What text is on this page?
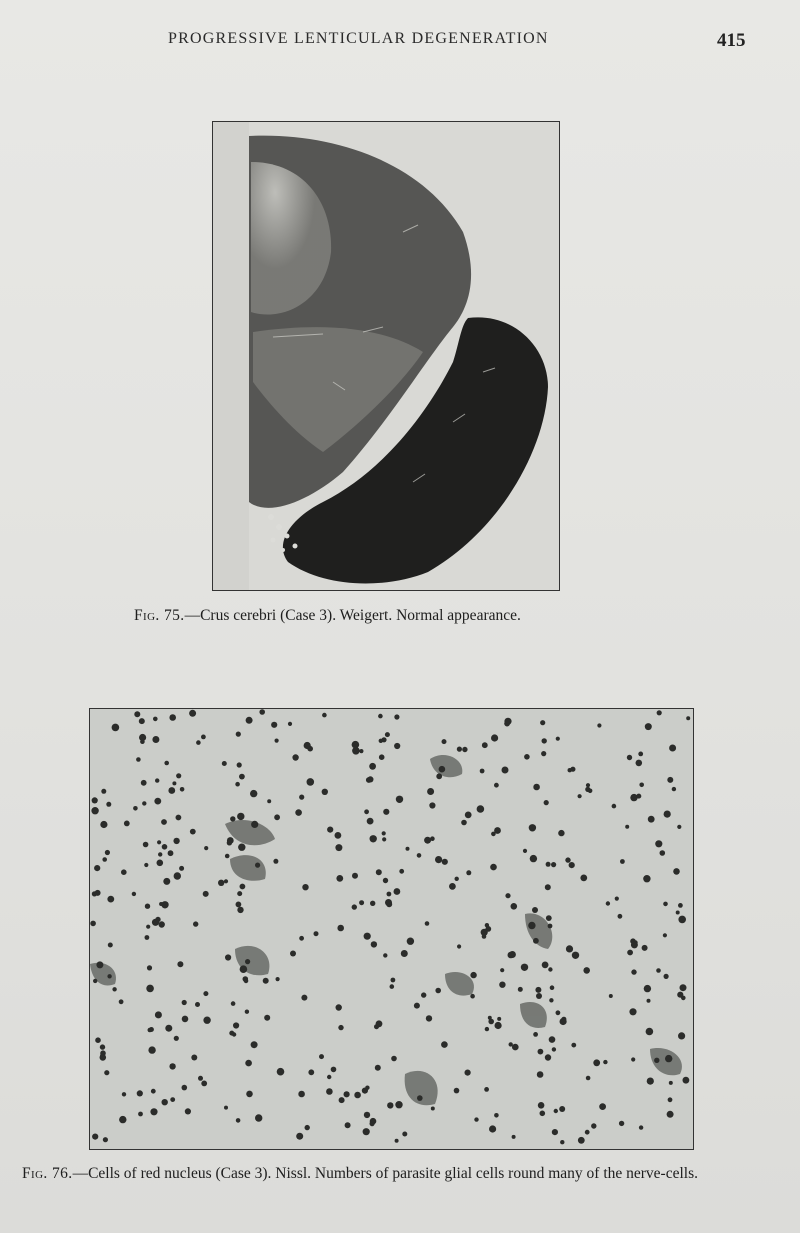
PROGRESSIVE LENTICULAR DEGENERATION	415

Fig. 75.—Crus cerebri (Case 3). Weigert. Normal appearance.

Fig. 76.—Cells of red nucleus (Case 3). Nissl. Numbers of parasite glial cells round many of the nerve-cells.
